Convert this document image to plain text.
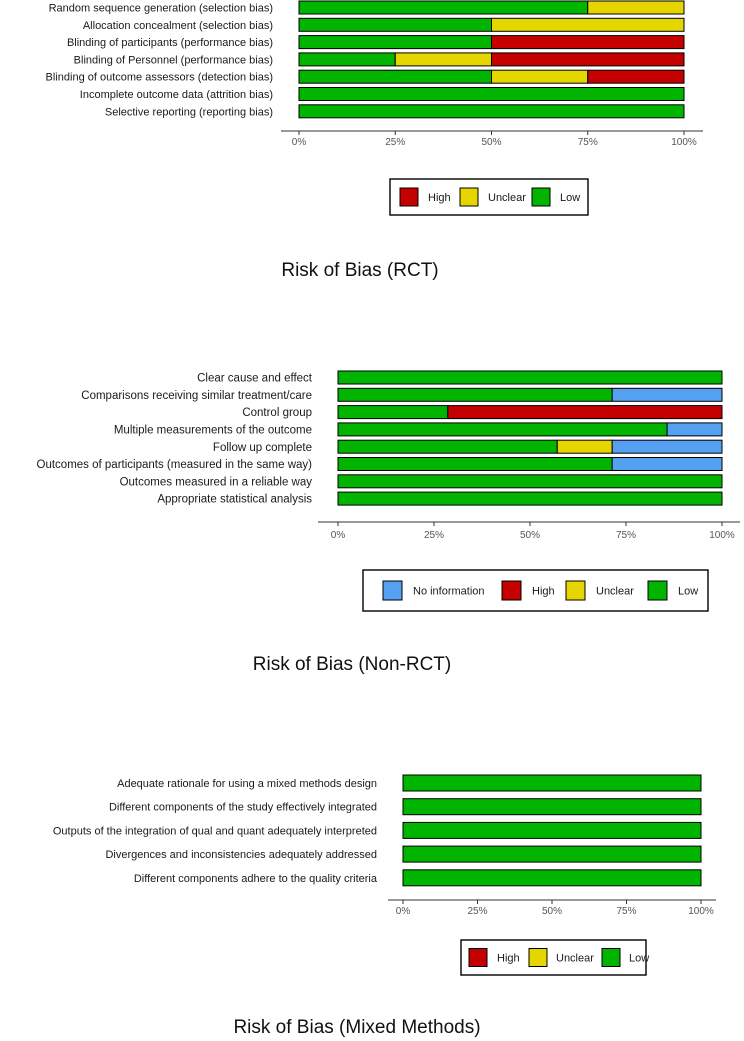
Random sequence generation (selection bias)
Allocation concealment (selection bias)
Blinding of participants (performance bias)
Blinding of Personnel (performance bias)
Blinding of outcome assessors (detection bias)
Incomplete outcome data (attrition bias)
Selective reporting (reporting bias)
0%	25%	50%	75%	100%
High	Unclear	Low
Risk of Bias (RCT)
Clear cause and effect
Comparisons receiving similar treatment/care
Control group
Multiple measurements of the outcome
Follow up complete
Outcomes of participants (measured in the same way)
Outcomes measured in a reliable way
Appropriate statistical analysis
0%	25%	50%	75%	100%
No information	High	Unclear	Low
Risk of Bias (Non-RCT)
Adequate rationale for using a mixed methods design
Different components of the study effectively integrated
Outputs of the integration of qual and quant adequately interpreted
Divergences and inconsistencies adequately addressed
Different components adhere to the quality criteria
0%	25%	50%	75%	100%
High	Unclear	Low
Risk of Bias (Mixed Methods)
